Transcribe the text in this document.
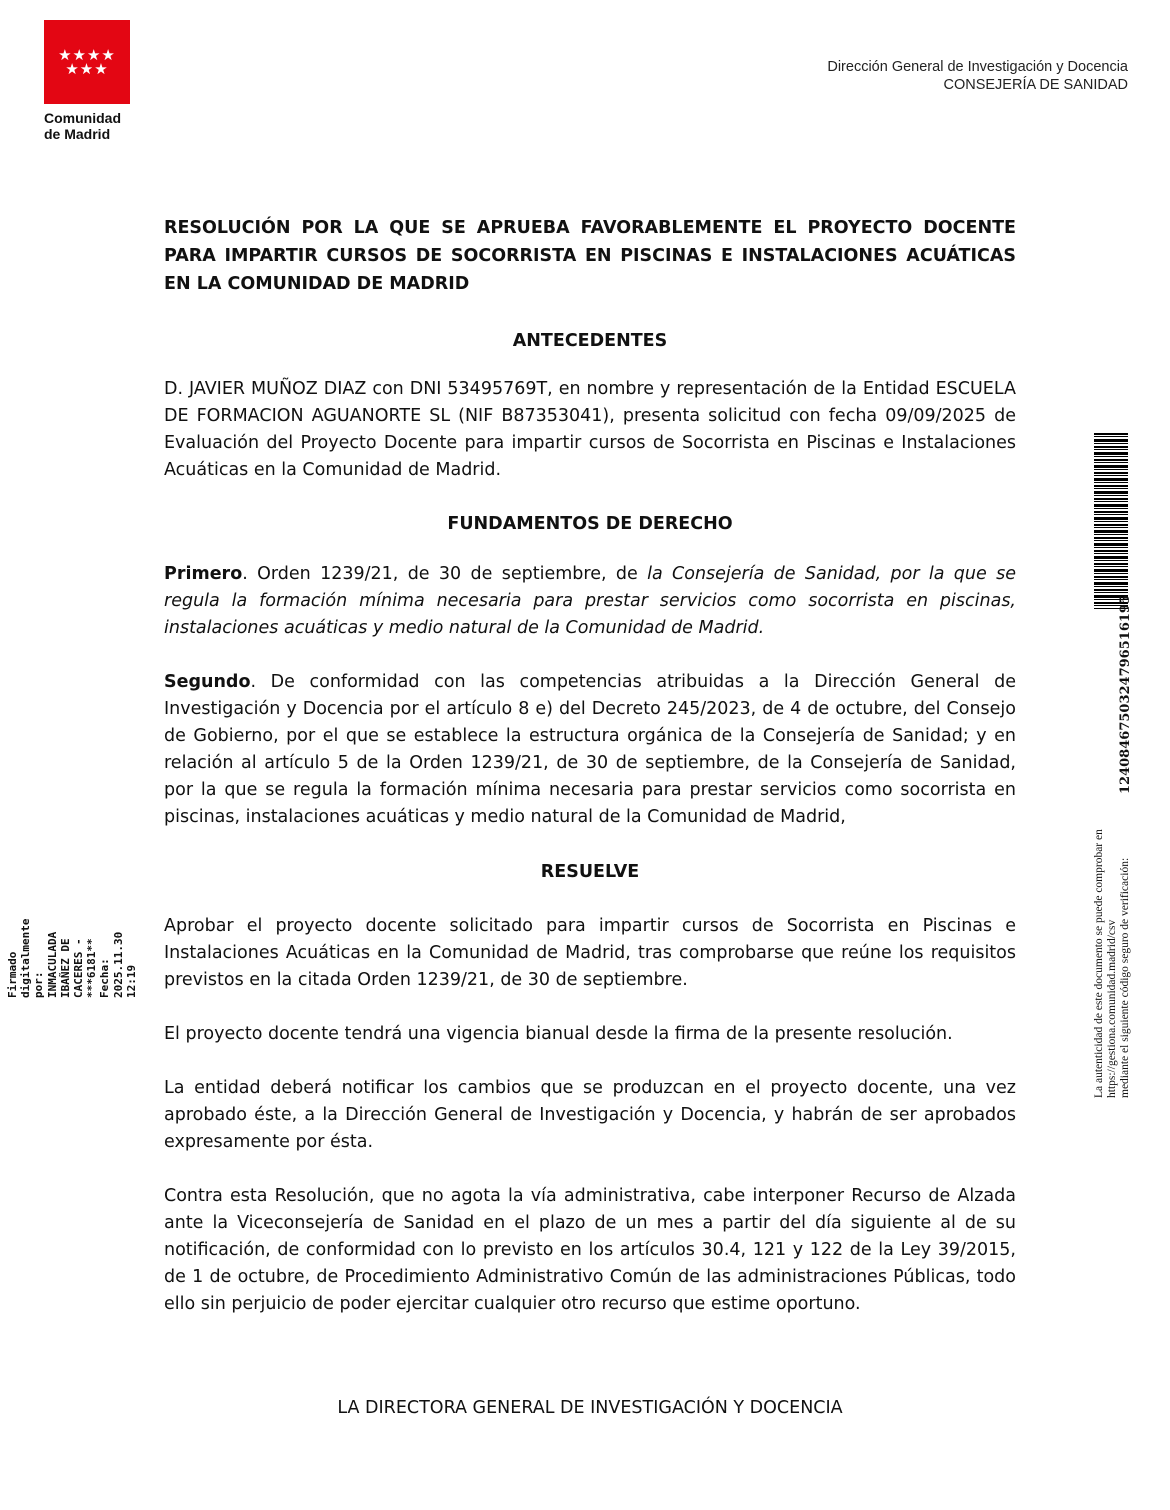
★★★★
★★★
Comunidad
de Madrid
Dirección General de Investigación y Docencia
CONSEJERÍA DE SANIDAD

RESOLUCIÓN POR LA QUE SE APRUEBA FAVORABLEMENTE EL PROYECTO DOCENTE PARA IMPARTIR CURSOS DE SOCORRISTA EN PISCINAS E INSTALACIONES ACUÁTICAS EN LA COMUNIDAD DE MADRID

ANTECEDENTES

D. JAVIER MUÑOZ DIAZ con DNI 53495769T, en nombre y representación de la Entidad ESCUELA DE FORMACION AGUANORTE SL (NIF B87353041), presenta solicitud con fecha 09/09/2025 de Evaluación del Proyecto Docente para impartir cursos de Socorrista en Piscinas e Instalaciones Acuáticas en la Comunidad de Madrid.

FUNDAMENTOS DE DERECHO

Primero. Orden 1239/21, de 30 de septiembre, de la Consejería de Sanidad, por la que se regula la formación mínima necesaria para prestar servicios como socorrista en piscinas, instalaciones acuáticas y medio natural de la Comunidad de Madrid.

Segundo. De conformidad con las competencias atribuidas a la Dirección General de Investigación y Docencia por el artículo 8 e) del Decreto 245/2023, de 4 de octubre, del Consejo de Gobierno, por el que se establece la estructura orgánica de la Consejería de Sanidad; y en relación al artículo 5 de la Orden 1239/21, de 30 de septiembre, de la Consejería de Sanidad, por la que se regula la formación mínima necesaria para prestar servicios como socorrista en piscinas, instalaciones acuáticas y medio natural de la Comunidad de Madrid,

RESUELVE

Aprobar el proyecto docente solicitado para impartir cursos de Socorrista en Piscinas e Instalaciones Acuáticas en la Comunidad de Madrid, tras comprobarse que reúne los requisitos previstos en la citada Orden 1239/21, de 30 de septiembre.

El proyecto docente tendrá una vigencia bianual desde la firma de la presente resolución.

La entidad deberá notificar los cambios que se produzcan en el proyecto docente, una vez aprobado éste, a la Dirección General de Investigación y Docencia, y habrán de ser aprobados expresamente por ésta.

Contra esta Resolución, que no agota la vía administrativa, cabe interponer Recurso de Alzada ante la Viceconsejería de Sanidad en el plazo de un mes a partir del día siguiente al de su notificación, de conformidad con lo previsto en los artículos 30.4, 121 y 122 de la Ley 39/2015, de 1 de octubre, de Procedimiento Administrativo Común de las administraciones Públicas, todo ello sin perjuicio de poder ejercitar cualquier otro recurso que estime oportuno.

LA DIRECTORA GENERAL DE INVESTIGACIÓN Y DOCENCIA
Firmado digitalmente por: INMACULADA IBAÑEZ DE CACERES - ***6181** Fecha: 2025.11.30 12:19
1240846750324796516195
La autenticidad de este documento se puede comprobar en https://gestiona.comunidad.madrid/csv mediante el siguiente código seguro de verificación:
